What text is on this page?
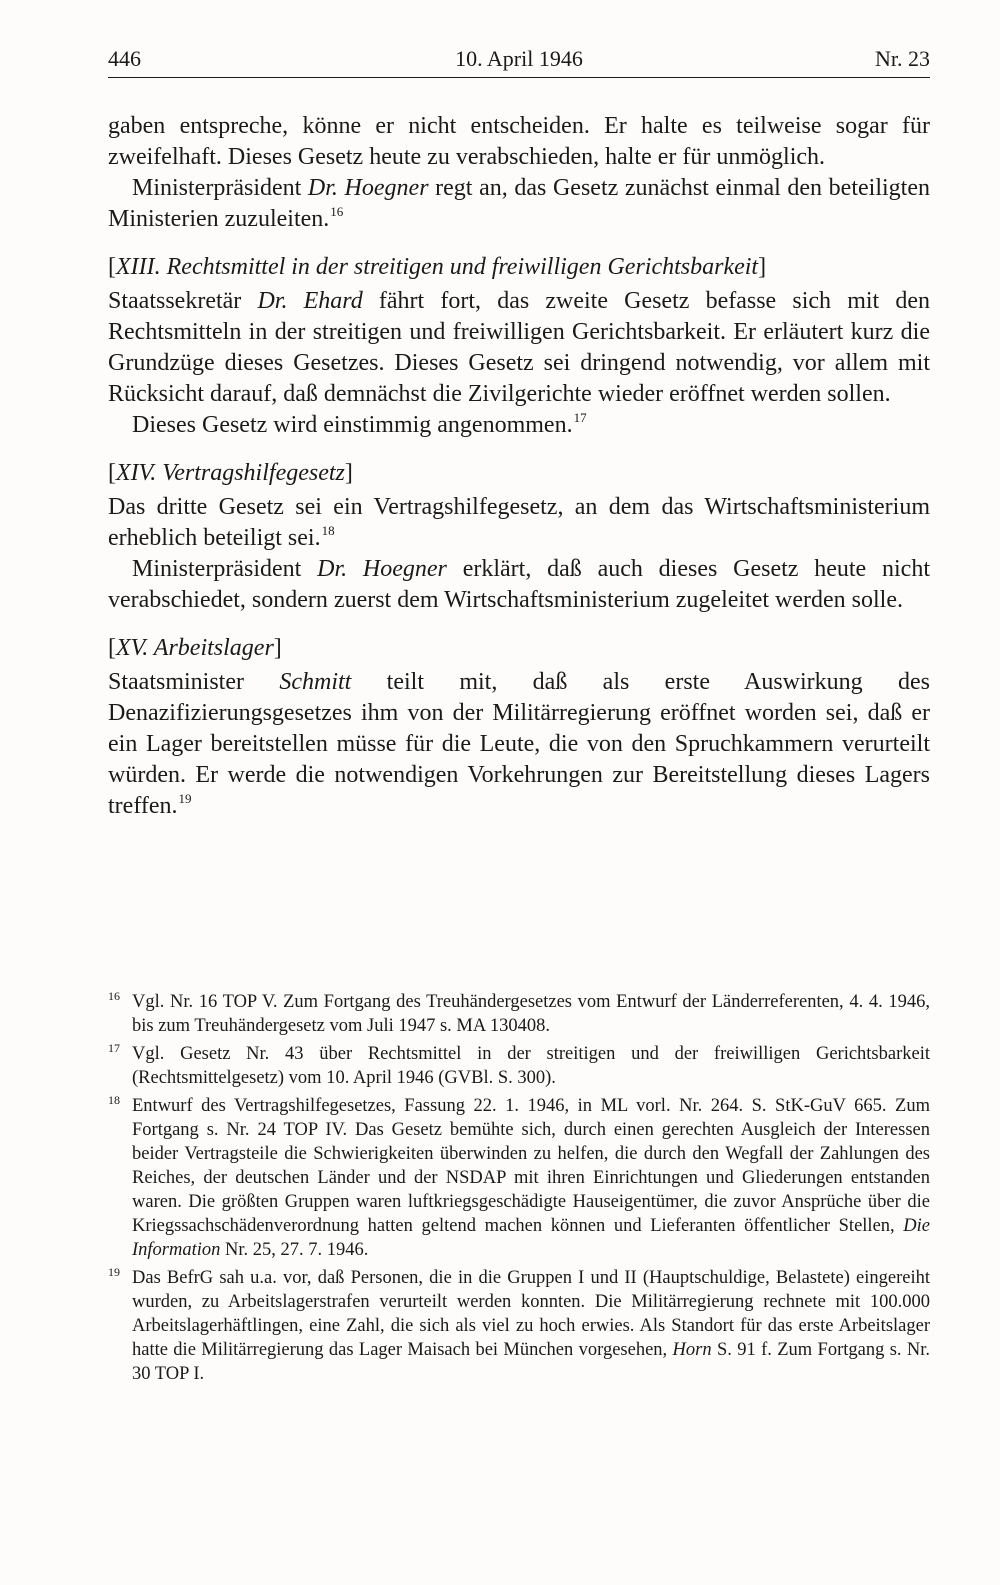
446	10. April 1946	Nr. 23

gaben entspreche, könne er nicht entscheiden. Er halte es teilweise sogar für zweifelhaft. Dieses Gesetz heute zu verabschieden, halte er für unmöglich.

Ministerpräsident Dr. Hoegner regt an, das Gesetz zunächst einmal den beteiligten Ministerien zuzuleiten.$^{16}$

[XIII. Rechtsmittel in der streitigen und freiwilligen Gerichtsbarkeit]

Staatssekretär Dr. Ehard fährt fort, das zweite Gesetz befasse sich mit den Rechtsmitteln in der streitigen und freiwilligen Gerichtsbarkeit. Er erläutert kurz die Grundzüge dieses Gesetzes. Dieses Gesetz sei dringend notwendig, vor allem mit Rücksicht darauf, daß demnächst die Zivilgerichte wieder eröffnet werden sollen.

Dieses Gesetz wird einstimmig angenommen.$^{17}$

[XIV. Vertragshilfegesetz]

Das dritte Gesetz sei ein Vertragshilfegesetz, an dem das Wirtschaftsministerium erheblich beteiligt sei.$^{18}$

Ministerpräsident Dr. Hoegner erklärt, daß auch dieses Gesetz heute nicht verabschiedet, sondern zuerst dem Wirtschaftsministerium zugeleitet werden solle.

[XV. Arbeitslager]

Staatsminister Schmitt teilt mit, daß als erste Auswirkung des Denazifizierungsgesetzes ihm von der Militärregierung eröffnet worden sei, daß er ein Lager bereitstellen müsse für die Leute, die von den Spruchkammern verurteilt würden. Er werde die notwendigen Vorkehrungen zur Bereitstellung dieses Lagers treffen.$^{19}$

16 Vgl. Nr. 16 TOP V. Zum Fortgang des Treuhändergesetzes vom Entwurf der Länderreferenten, 4. 4. 1946, bis zum Treuhändergesetz vom Juli 1947 s. MA 130408.
17 Vgl. Gesetz Nr. 43 über Rechtsmittel in der streitigen und der freiwilligen Gerichtsbarkeit (Rechtsmittelgesetz) vom 10. April 1946 (GVBl. S. 300).
18 Entwurf des Vertragshilfegesetzes, Fassung 22. 1. 1946, in ML vorl. Nr. 264. S. StK-GuV 665. Zum Fortgang s. Nr. 24 TOP IV. Das Gesetz bemühte sich, durch einen gerechten Ausgleich der Interessen beider Vertragsteile die Schwierigkeiten überwinden zu helfen, die durch den Wegfall der Zahlungen des Reiches, der deutschen Länder und der NSDAP mit ihren Einrichtungen und Gliederungen entstanden waren. Die größten Gruppen waren luftkriegsgeschädigte Hauseigentümer, die zuvor Ansprüche über die Kriegssachschädenverordnung hatten geltend machen können und Lieferanten öffentlicher Stellen, Die Information Nr. 25, 27. 7. 1946.
19 Das BefrG sah u.a. vor, daß Personen, die in die Gruppen I und II (Hauptschuldige, Belastete) eingereiht wurden, zu Arbeitslagerstrafen verurteilt werden konnten. Die Militärregierung rechnete mit 100.000 Arbeitslagerhäftlingen, eine Zahl, die sich als viel zu hoch erwies. Als Standort für das erste Arbeitslager hatte die Militärregierung das Lager Maisach bei München vorgesehen, Horn S. 91 f. Zum Fortgang s. Nr. 30 TOP I.
